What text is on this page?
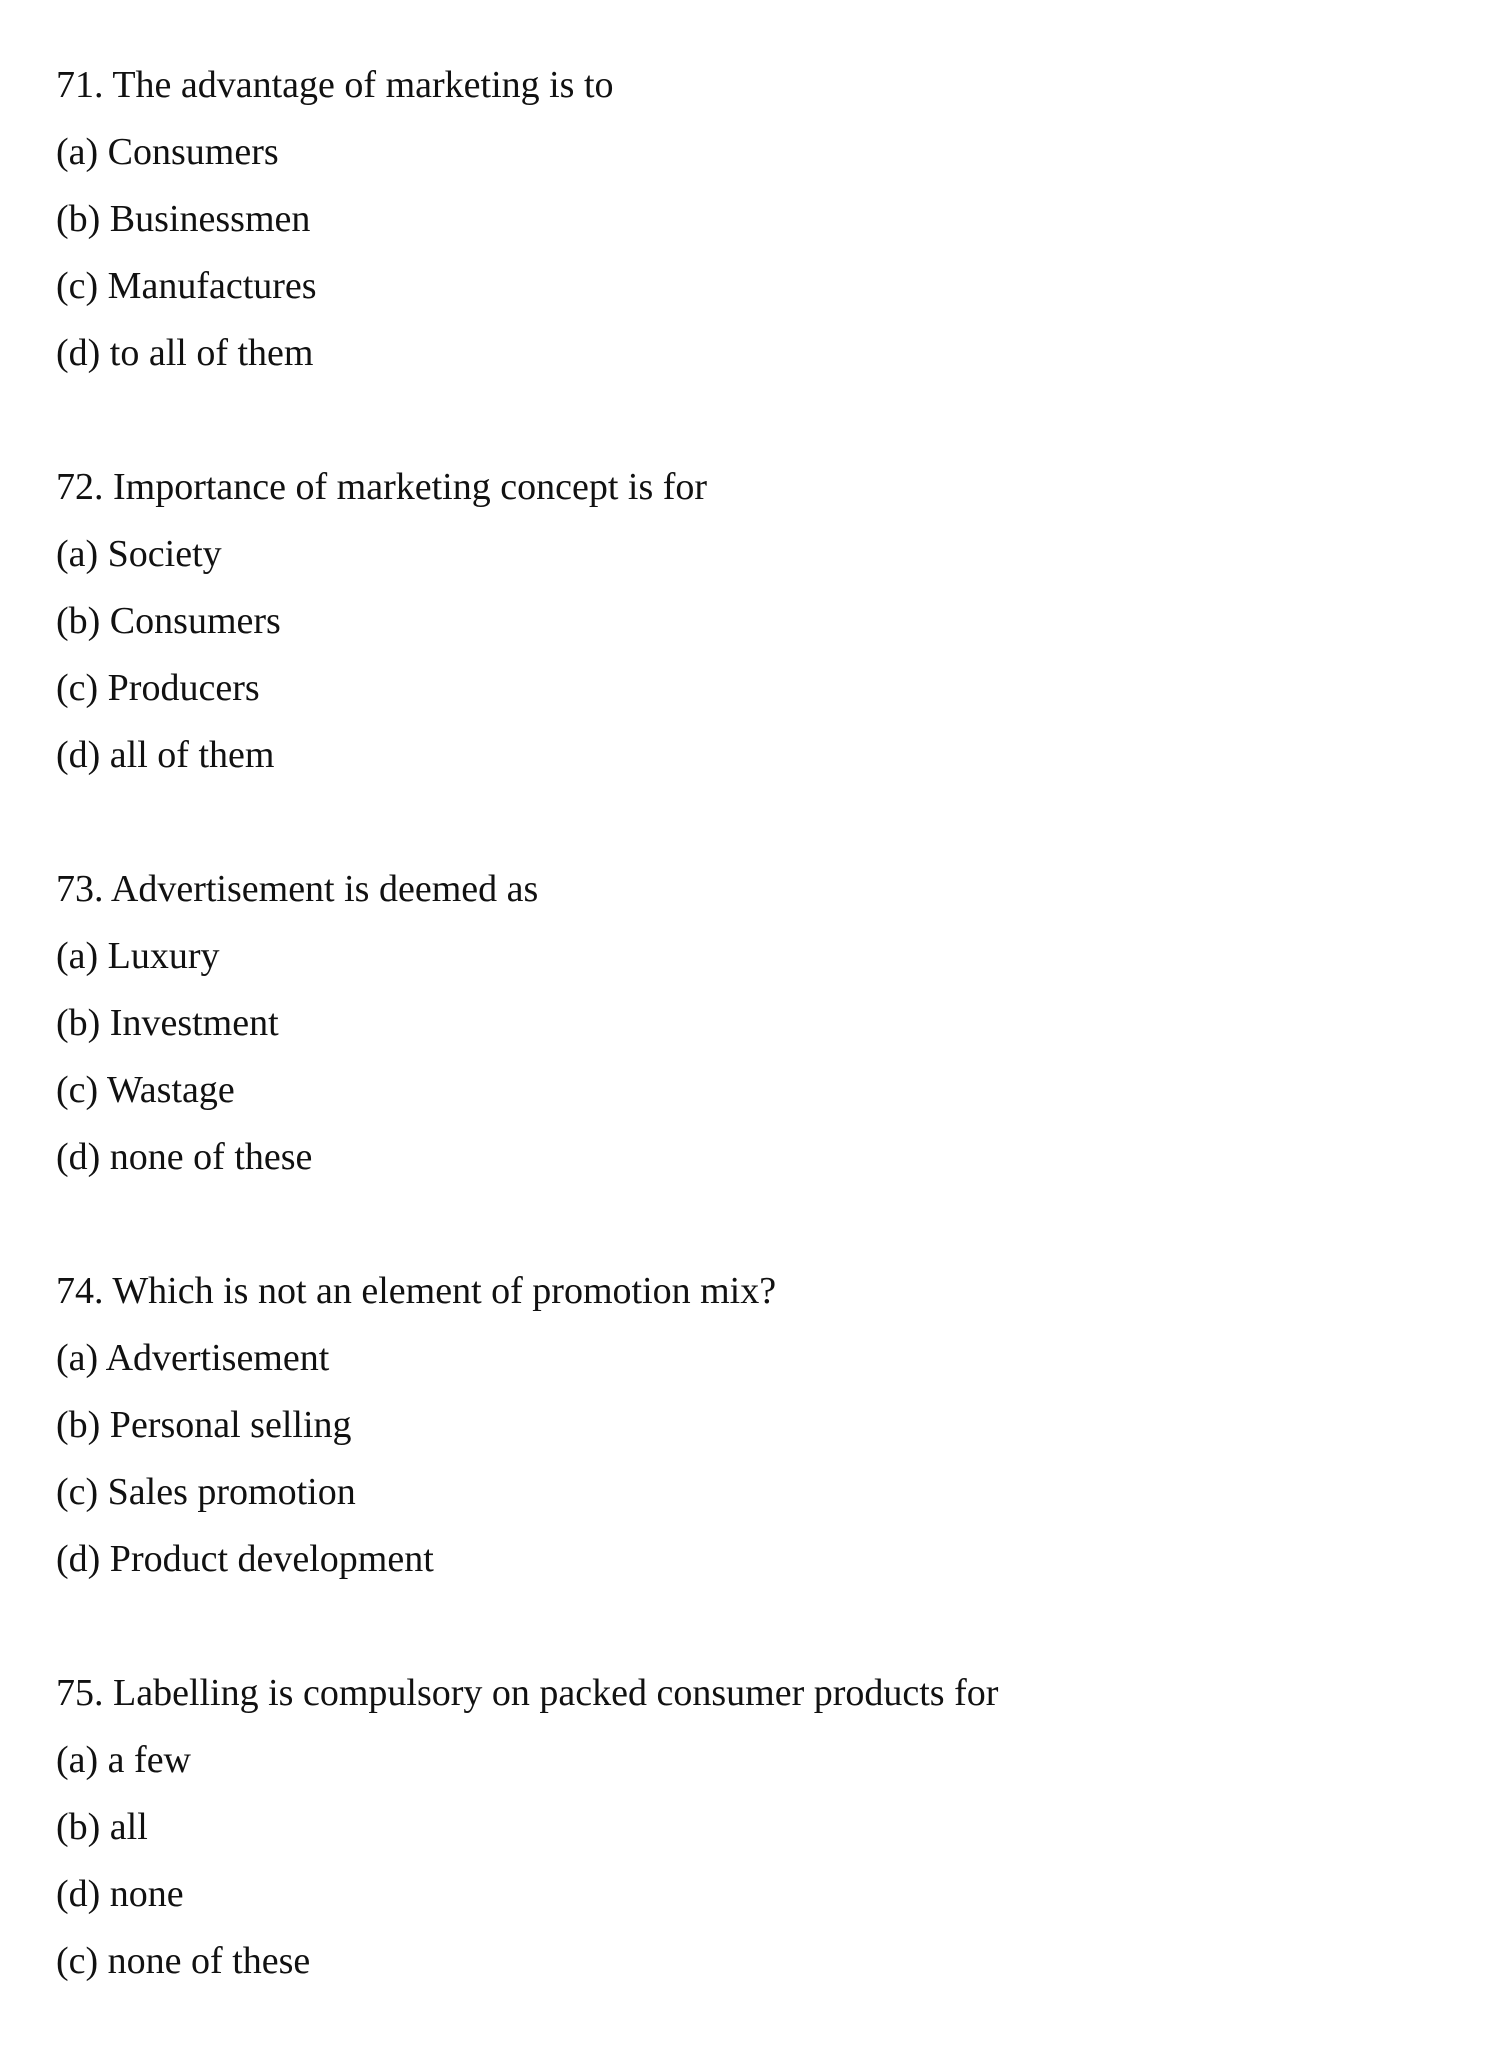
71. The advantage of marketing is to
(a) Consumers
(b) Businessmen
(c) Manufactures
(d) to all of them
72. Importance of marketing concept is for
(a) Society
(b) Consumers
(c) Producers
(d) all of them
73. Advertisement is deemed as
(a) Luxury
(b) Investment
(c) Wastage
(d) none of these
74. Which is not an element of promotion mix?
(a) Advertisement
(b) Personal selling
(c) Sales promotion
(d) Product development
75. Labelling is compulsory on packed consumer products for
(a) a few
(b) all
(d) none
(c) none of these
